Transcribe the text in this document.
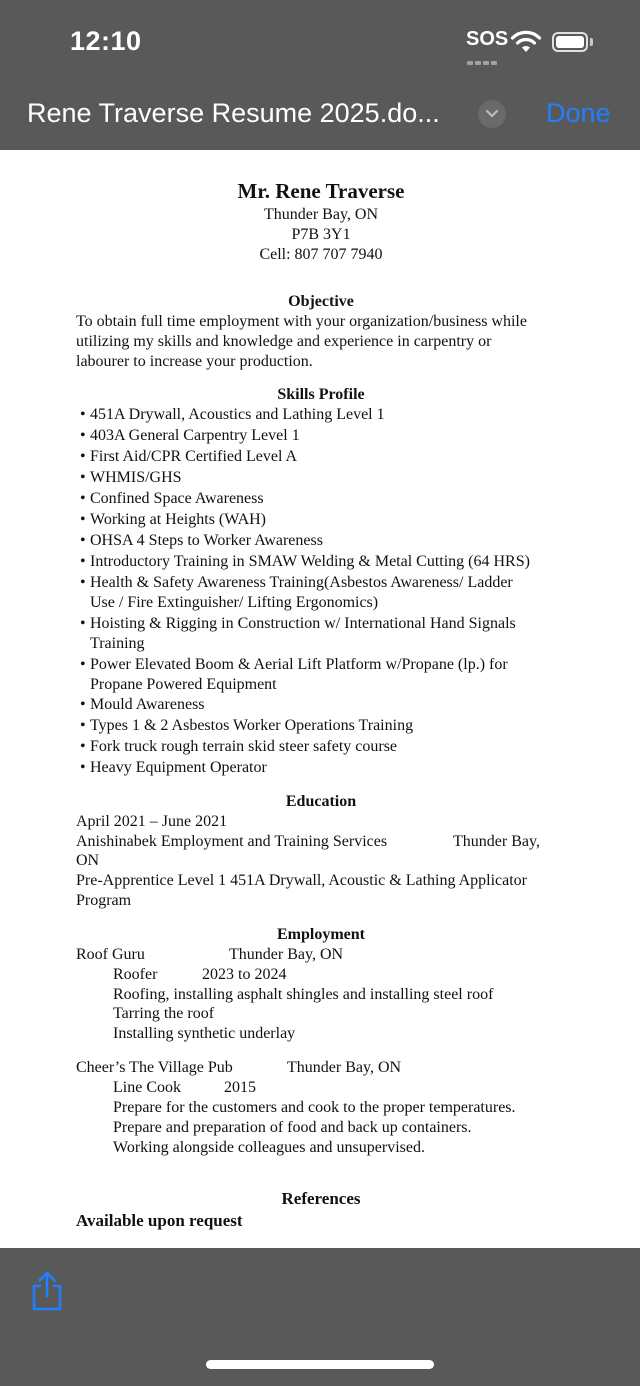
12:10	SOS
Rene Traverse Resume 2025.do...	Done
Mr. Rene Traverse
Thunder Bay, ON
P7B 3Y1
Cell: 807 707 7940
Objective
To obtain full time employment with your organization/business while
utilizing my skills and knowledge and experience in carpentry or
labourer to increase your production.
Skills Profile
• 451A Drywall, Acoustics and Lathing Level 1
• 403A General Carpentry Level 1
• First Aid/CPR Certified Level A
• WHMIS/GHS
• Confined Space Awareness
• Working at Heights (WAH)
• OHSA 4 Steps to Worker Awareness
• Introductory Training in SMAW Welding & Metal Cutting (64 HRS)
• Health & Safety Awareness Training(Asbestos Awareness/ Ladder
Use / Fire Extinguisher/ Lifting Ergonomics)
• Hoisting & Rigging in Construction w/ International Hand Signals
Training
• Power Elevated Boom & Aerial Lift Platform w/Propane (lp.) for
Propane Powered Equipment
• Mould Awareness
• Types 1 & 2 Asbestos Worker Operations Training
• Fork truck rough terrain skid steer safety course
• Heavy Equipment Operator
Education
April 2021 – June 2021
Anishinabek Employment and Training Services	Thunder Bay,
ON
Pre-Apprentice Level 1 451A Drywall, Acoustic & Lathing Applicator
Program
Employment
Roof Guru	Thunder Bay, ON
Roofer	2023 to 2024
Roofing, installing asphalt shingles and installing steel roof
Tarring the roof
Installing synthetic underlay
Cheer’s The Village Pub	Thunder Bay, ON
Line Cook	2015
Prepare for the customers and cook to the proper temperatures.
Prepare and preparation of food and back up containers.
Working alongside colleagues and unsupervised.
References
Available upon request
